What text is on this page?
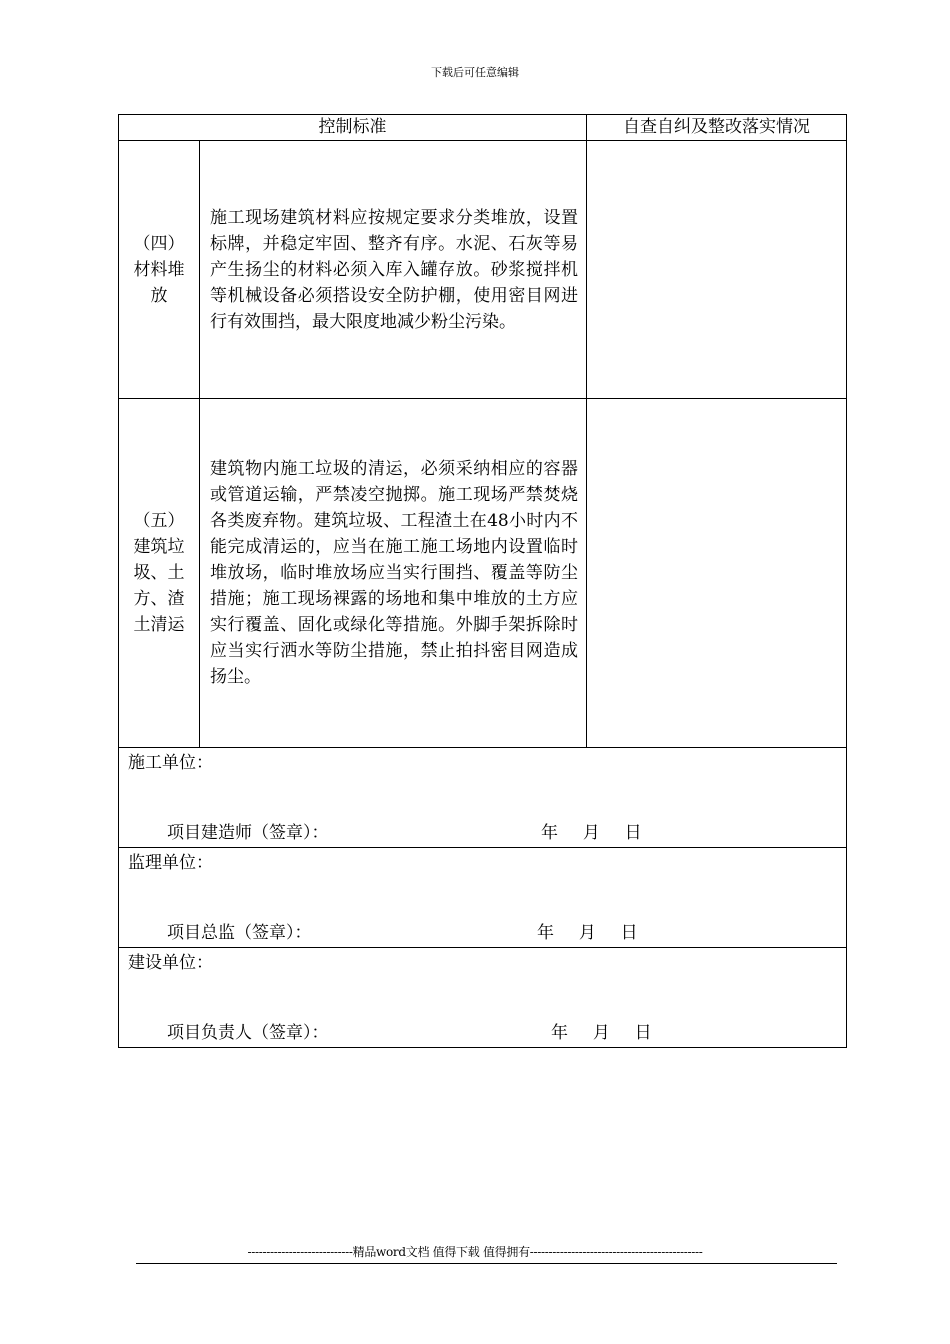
下载后可任意编辑
控制标准		自查自纠及整改落实情况

（四）材料堆放	施工现场建筑材料应按规定要求分类堆放，设置标牌，并稳定牢固、整齐有序。水泥、石灰等易产生扬尘的材料必须入库入罐存放。砂浆搅拌机等机械设备必须搭设安全防护棚，使用密目网进行有效围挡，最大限度地减少粉尘污染。	

（五）建筑垃圾、土方、渣土清运	建筑物内施工垃圾的清运，必须采纳相应的容器或管道运输，严禁凌空抛掷。施工现场严禁焚烧各类废弃物。建筑垃圾、工程渣土在48小时内不能完成清运的，应当在施工施工场地内设置临时堆放场，临时堆放场应当实行围挡、覆盖等防尘措施；施工现场裸露的场地和集中堆放的土方应实行覆盖、固化或绿化等措施。外脚手架拆除时应当实行洒水等防尘措施，禁止拍抖密目网造成扬尘。	

施工单位：
项目建造师（签章）： 年 月 日		

监理单位：
项目总监（签章）： 年 月 日		

建设单位：
项目负责人（签章）： 年 月 日		
----------------------------精品word文档 值得下载 值得拥有----------------------------------------------
